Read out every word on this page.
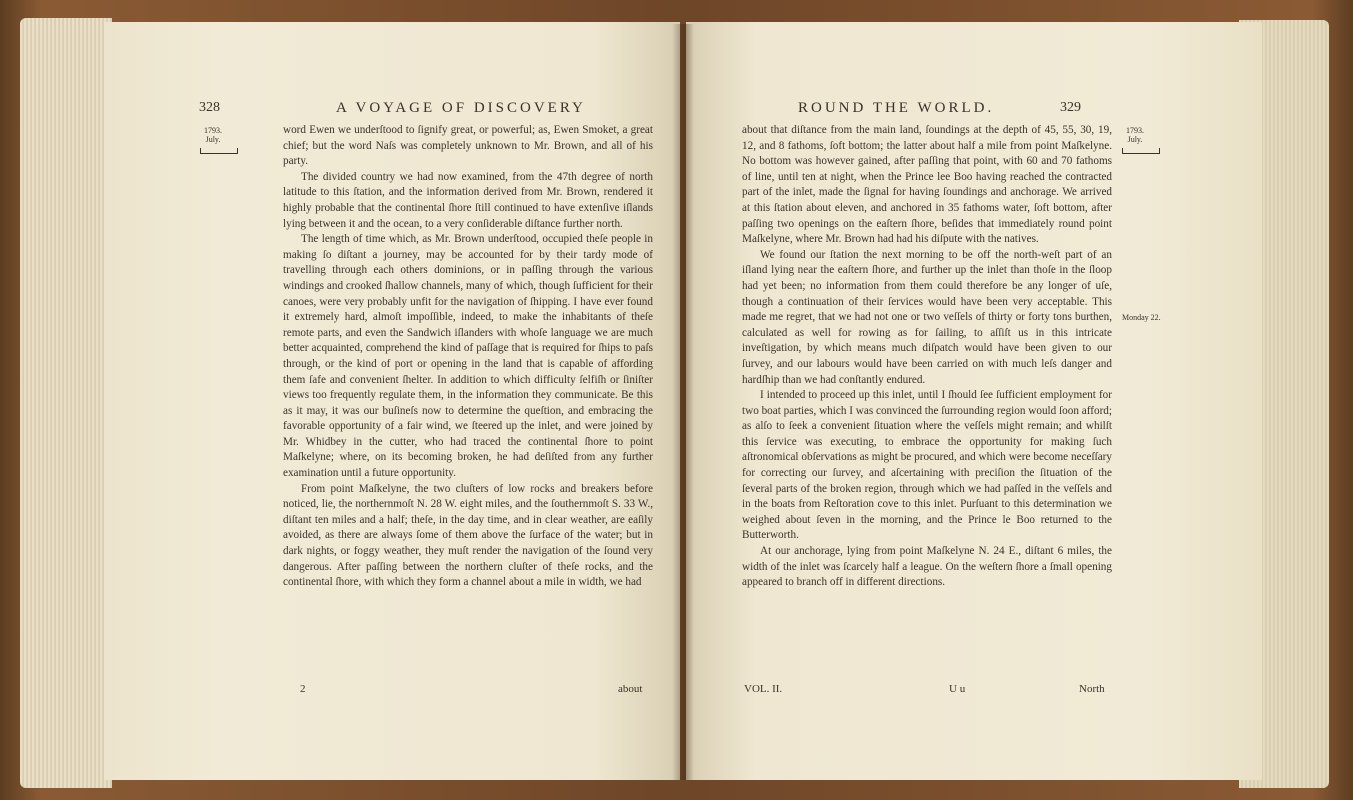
328	A VOYAGE OF DISCOVERY
1793.
July.

word Ewen we underſtood to ſignify great, or powerful; as, Ewen Smoket, a great chief; but the word Naſs was completely unknown to Mr. Brown, and all of his party.

The divided country we had now examined, from the 47th degree of north latitude to this ſtation, and the information derived from Mr. Brown, rendered it highly probable that the continental ſhore ſtill continued to have extenſive iſlands lying between it and the ocean, to a very conſiderable diſtance further north.

The length of time which, as Mr. Brown underſtood, occupied theſe people in making ſo diſtant a journey, may be accounted for by their tardy mode of travelling through each others dominions, or in paſſing through the various windings and crooked ſhallow channels, many of which, though ſufficient for their canoes, were very probably unfit for the navigation of ſhipping. I have ever found it extremely hard, almoſt impoſſible, indeed, to make the inhabitants of theſe remote parts, and even the Sandwich iſlanders with whoſe language we are much better acquainted, comprehend the kind of paſſage that is required for ſhips to paſs through, or the kind of port or opening in the land that is capable of affording them ſafe and convenient ſhelter. In addition to which difficulty ſelfiſh or ſiniſter views too frequently regulate them, in the information they communicate. Be this as it may, it was our buſineſs now to determine the queſtion, and embracing the favorable opportunity of a fair wind, we ſteered up the inlet, and were joined by Mr. Whidbey in the cutter, who had traced the continental ſhore to point Maſkelyne; where, on its becoming broken, he had deſiſted from any further examination until a future opportunity.

From point Maſkelyne, the two cluſters of low rocks and breakers before noticed, lie, the northernmoſt N. 28 W. eight miles, and the ſouthernmoſt S. 33 W., diſtant ten miles and a half; theſe, in the day time, and in clear weather, are eaſily avoided, as there are always ſome of them above the ſurface of the water; but in dark nights, or foggy weather, they muſt render the navigation of the ſound very dangerous. After paſſing between the northern cluſter of theſe rocks, and the continental ſhore, with which they form a channel about a mile in width, we had

2	about
ROUND THE WORLD.

about that diſtance from the main land, ſoundings at the depth of 45, 55, 30, 19, 12, and 8 fathoms, ſoft bottom; the latter about half a mile from point Maſkelyne. No bottom was however gained, after paſſing that point, with 60 and 70 fathoms of line, until ten at night, when the Prince lee Boo having reached the contracted part of the inlet, made the ſignal for having ſoundings and anchorage. We arrived at this ſtation about eleven, and anchored in 35 fathoms water, ſoft bottom, after paſſing two openings on the eaſtern ſhore, beſides that immediately round point Maſkelyne, where Mr. Brown had had his diſpute with the natives.

We found our ſtation the next morning to be off the north-weſt part of an iſland lying near the eaſtern ſhore, and further up the inlet than thoſe in the ſloop had yet been; no information from them could therefore be any longer of uſe, though a continuation of their ſervices would have been very acceptable. This made me regret, that we had not one or two veſſels of thirty or forty tons burthen, calculated as well for rowing as for ſailing, to aſſiſt us in this intricate inveſtigation, by which means much diſpatch would have been given to our ſurvey, and our labours would have been carried on with much leſs danger and hardſhip than we had conſtantly endured.

I intended to proceed up this inlet, until I ſhould ſee ſufficient employment for two boat parties, which I was convinced the ſurrounding region would ſoon afford; as alſo to ſeek a convenient ſituation where the veſſels might remain; and whilſt this ſervice was executing, to embrace the opportunity for making ſuch aſtronomical obſervations as might be procured, and which were become neceſſary for correcting our ſurvey, and aſcertaining with preciſion the ſituation of the ſeveral parts of the broken region, through which we had paſſed in the veſſels and in the boats from Reſtoration cove to this inlet. Purſuant to this determination we weighed about ſeven in the morning, and the Prince le Boo returned to the Butterworth.

At our anchorage, lying from point Maſkelyne N. 24 E., diſtant 6 miles, the width of the inlet was ſcarcely half a league. On the weſtern ſhore a ſmall opening appeared to branch off in different directions.

VOL. II.	U u	North
1793.
July.
Monday 22.
329
